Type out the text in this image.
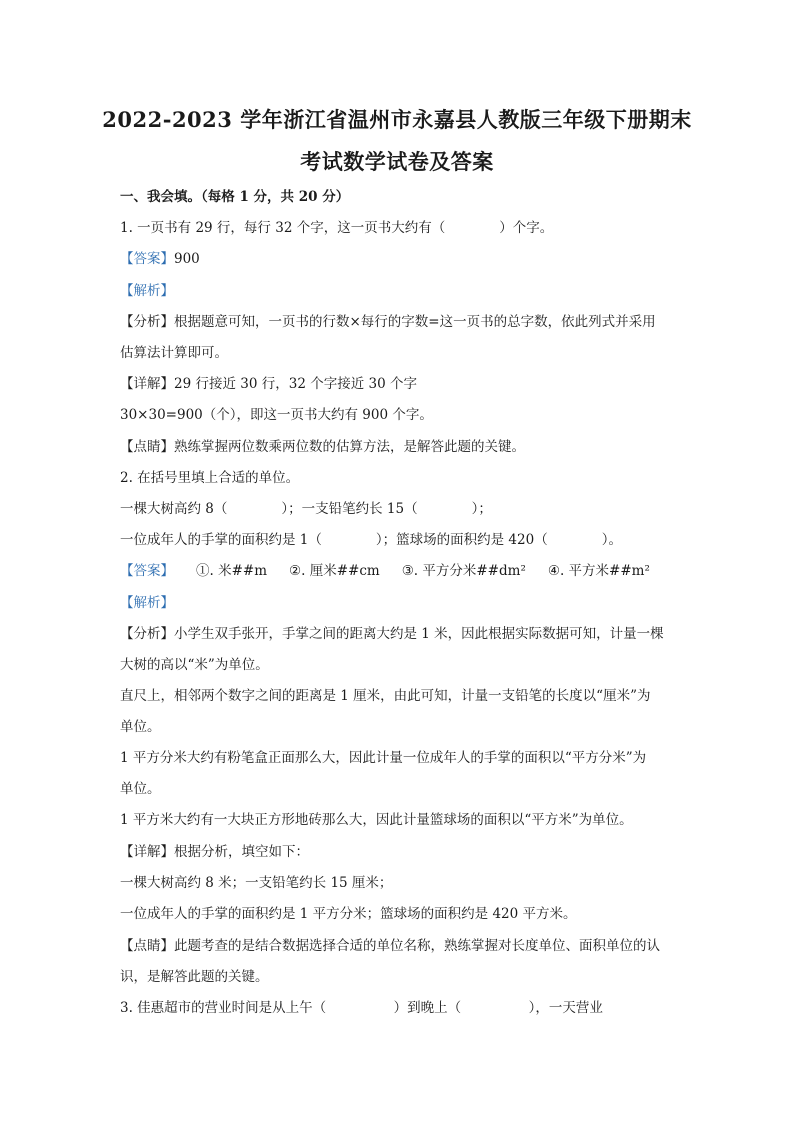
2022-2023 学年浙江省温州市永嘉县人教版三年级下册期末
考试数学试卷及答案
一、我会填。（每格 1 分，共 20 分）
1. 一页书有 29 行，每行 32 个字，这一页书大约有（　　　　）个字。
【答案】900
【解析】
【分析】根据题意可知，一页书的行数×每行的字数=这一页书的总字数，依此列式并采用
估算法计算即可。
【详解】29 行接近 30 行，32 个字接近 30 个字
30×30=900（个），即这一页书大约有 900 个字。
【点睛】熟练掌握两位数乘两位数的估算方法，是解答此题的关键。
2. 在括号里填上合适的单位。
一棵大树高约 8（　　　　）；一支铅笔约长 15（　　　　）；
一位成年人的手掌的面积约是 1（　　　　）；篮球场的面积约是 420（　　　　）。
【答案】 ①. 米##m ②. 厘米##cm ③. 平方分米##dm² ④. 平方米##m²
【解析】
【分析】小学生双手张开，手掌之间的距离大约是 1 米，因此根据实际数据可知，计量一棵
大树的高以“米”为单位。
直尺上，相邻两个数字之间的距离是 1 厘米，由此可知，计量一支铅笔的长度以“厘米”为
单位。
1 平方分米大约有粉笔盒正面那么大，因此计量一位成年人的手掌的面积以“平方分米”为
单位。
1 平方米大约有一大块正方形地砖那么大，因此计量篮球场的面积以“平方米”为单位。
【详解】根据分析，填空如下：
一棵大树高约 8 米；一支铅笔约长 15 厘米；
一位成年人的手掌的面积约是 1 平方分米；篮球场的面积约是 420 平方米。
【点睛】此题考查的是结合数据选择合适的单位名称，熟练掌握对长度单位、面积单位的认
识，是解答此题的关键。
3. 佳惠超市的营业时间是从上午（　　　　　）到晚上（　　　　　），一天营业
